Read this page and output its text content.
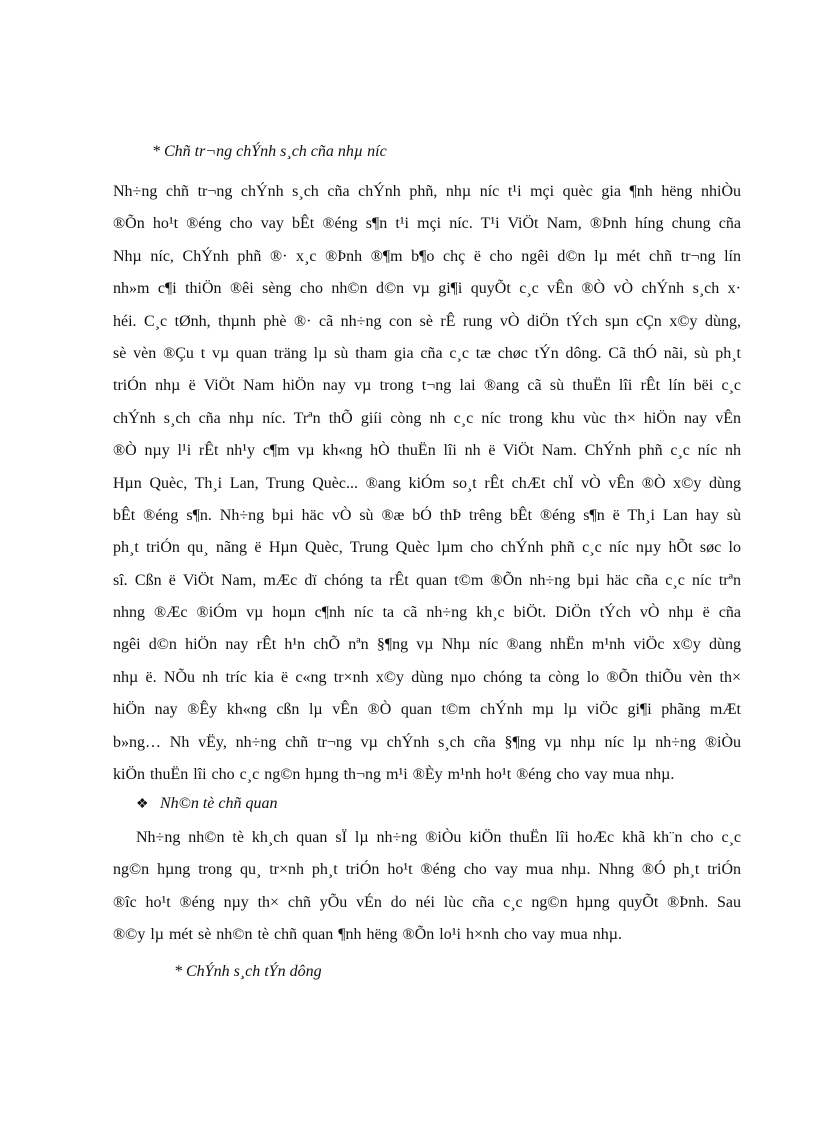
* Chñ tr¬ng chÝnh s¸ch cña nhµ níc
Nh÷ng chñ tr¬ng chÝnh s¸ch cña chÝnh phñ, nhµ níc t¹i mçi quèc gia ¶nh hëng nhiÒu
®Õn ho¹t ®éng cho vay bÊt ®éng s¶n t¹i mçi níc. T¹i ViÖt Nam, ®Þnh híng chung cña
Nhµ níc, ChÝnh phñ ®· x¸c ®Þnh ®¶m b¶o chç ë cho ngêi d©n lµ mét chñ tr¬ng lín
nh»m c¶i thiÖn ®êi sèng cho nh©n d©n vµ gi¶i quyÕt c¸c vÊn ®Ò vÒ chÝnh s¸ch x·
héi. C¸c tØnh, thµnh phè ®· cã nh÷ng con sè rÊ rung vÒ diÖn tÝch sµn cÇn x©y dùng,
sè vèn ®Çu t vµ quan träng lµ sù tham gia cña c¸c tæ chøc tÝn dông. Cã thÓ nãi, sù ph¸t
triÓn nhµ ë ViÖt Nam hiÖn nay vµ trong t¬ng lai ®ang cã sù thuËn lîi rÊt lín bëi c¸c
chÝnh s¸ch cña nhµ níc. Trªn thÕ giíi còng nh c¸c níc trong khu vùc th× hiÖn nay vÊn
®Ò nµy l¹i rÊt nh¹y c¶m vµ kh«ng hÒ thuËn lîi nh ë ViÖt Nam. ChÝnh phñ c¸c níc nh
Hµn Quèc, Th¸i Lan, Trung Quèc... ®ang kiÓm so¸t rÊt chÆt chÏ vÒ vÊn ®Ò x©y dùng
bÊt ®éng s¶n. Nh÷ng bµi häc vÒ sù ®æ bÓ thÞ trêng bÊt ®éng s¶n ë Th¸i Lan hay sù
ph¸t triÓn qu¸ nãng ë Hµn Quèc, Trung Quèc lµm cho chÝnh phñ c¸c níc nµy hÕt søc lo
sî. Cßn ë ViÖt Nam, mÆc dï chóng ta rÊt quan t©m ®Õn nh÷ng bµi häc cña c¸c níc trªn
nhng ®Æc ®iÓm vµ hoµn c¶nh níc ta cã nh÷ng kh¸c biÖt. DiÖn tÝch vÒ nhµ ë cña
ngêi d©n hiÖn nay rÊt h¹n chÕ nªn §¶ng vµ Nhµ níc ®ang nhËn m¹nh viÖc x©y dùng
nhµ ë. NÕu nh tríc kia ë c«ng tr×nh x©y dùng nµo chóng ta còng lo ®Õn thiÕu vèn th×
hiÖn nay ®Êy kh«ng cßn lµ vÊn ®Ò quan t©m chÝnh mµ lµ viÖc gi¶i phãng mÆt
b»ng… Nh vËy, nh÷ng chñ tr¬ng vµ chÝnh s¸ch cña §¶ng vµ nhµ níc lµ nh÷ng ®iÒu
kiÖn thuËn lîi cho c¸c ng©n hµng th¬ng m¹i ®Èy m¹nh ho¹t ®éng cho vay mua nhµ.
❖ Nh©n tè chñ quan
Nh÷ng nh©n tè kh¸ch quan sÏ lµ nh÷ng ®iÒu kiÖn thuËn lîi hoÆc khã kh¨n cho c¸c
ng©n hµng trong qu¸ tr×nh ph¸t triÓn ho¹t ®éng cho vay mua nhµ. Nhng ®Ó ph¸t triÓn
®îc ho¹t ®éng nµy th× chñ yÕu vÉn do néi lùc cña c¸c ng©n hµng quyÕt ®Þnh. Sau
®©y lµ mét sè nh©n tè chñ quan ¶nh hëng ®Õn lo¹i h×nh cho vay mua nhµ.
* ChÝnh s¸ch tÝn dông
